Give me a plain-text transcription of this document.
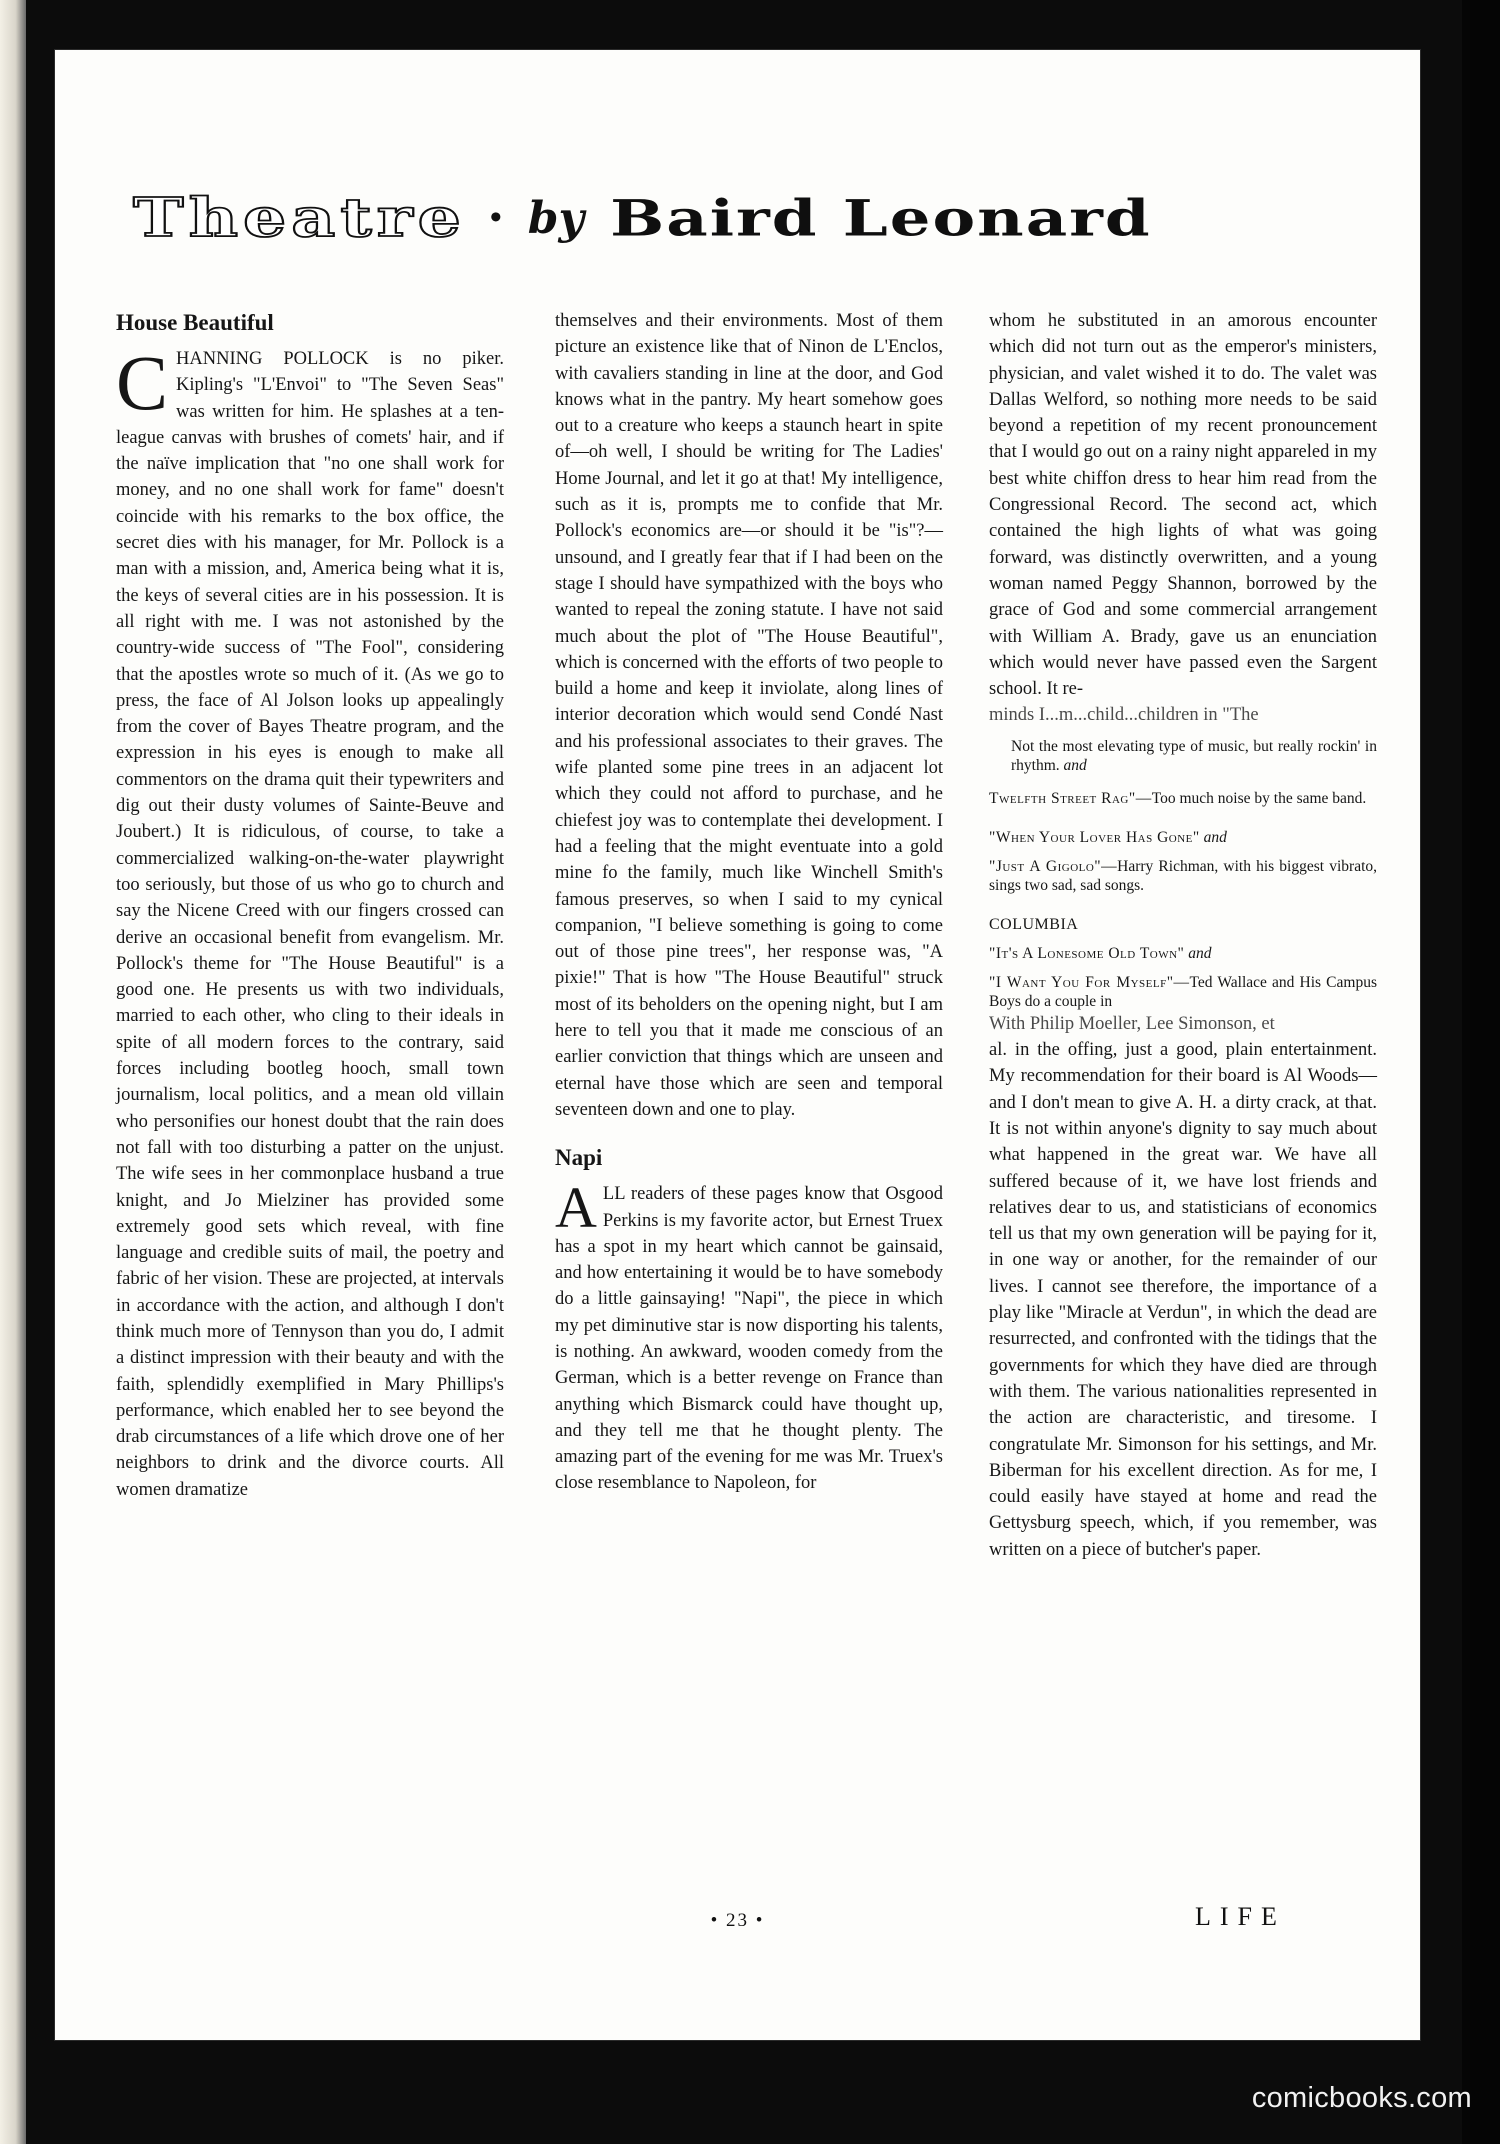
Theatre • by Baird Leonard
House Beautiful

CHANNING POLLOCK is no piker. Kipling's "L'Envoi" to "The Seven Seas" was written for him. He splashes at a ten-league canvas with brushes of comets' hair, and if the naïve implication that "no one shall work for money, and no one shall work for fame" doesn't coincide with his remarks to the box office, the secret dies with his manager, for Mr. Pollock is a man with a mission, and, America being what it is, the keys of several cities are in his possession. It is all right with me. I was not astonished by the country-wide success of "The Fool", considering that the apostles wrote so much of it. (As we go to press, the face of Al Jolson looks up appealingly from the cover of Bayes Theatre program, and the expression in his eyes is enough to make all commentors on the drama quit their typewriters and dig out their dusty volumes of Sainte-Beuve and Joubert.) It is ridiculous, of course, to take a commercialized walking-on-the-water playwright too seriously, but those of us who go to church and say the Nicene Creed with our fingers crossed can derive an occasional benefit from evangelism. Mr. Pollock's theme for "The House Beautiful" is a good one. He presents us with two individuals, married to each other, who cling to their ideals in spite of all modern forces to the contrary, said forces including bootleg hooch, small town journalism, local politics, and a mean old villain who personifies our honest doubt that the rain does not fall with too disturbing a patter on the unjust. The wife sees in her commonplace husband a true knight, and Jo Mielziner has provided some extremely good sets which reveal, with fine language and credible suits of mail, the poetry and fabric of her vision. These are projected, at intervals in accordance with the action, and although I don't think much more of Tennyson than you do, I admit a distinct impression with their beauty and with the faith, splendidly exemplified in Mary Phillips's performance, which enabled her to see beyond the drab circumstances of a life which drove one of her neighbors to drink and the divorce courts. All women dramatize

themselves and their environments. Most of them picture an existence like that of Ninon de L'Enclos, with cavaliers standing in line at the door, and God knows what in the pantry. My heart somehow goes out to a creature who keeps a staunch heart in spite of—oh well, I should be writing for The Ladies' Home Journal, and let it go at that! My intelligence, such as it is, prompts me to confide that Mr. Pollock's economics are—or should it be "is"?—unsound, and I greatly fear that if I had been on the stage I should have sympathized with the boys who wanted to repeal the zoning statute. I have not said much about the plot of "The House Beautiful", which is concerned with the efforts of two people to build a home and keep it inviolate, along lines of interior decoration which would send Condé Nast and his professional associates to their graves. The wife planted some pine trees in an adjacent lot which they could not afford to purchase, and he chiefest joy was to contemplate thei development. I had a feeling that the might eventuate into a gold mine fo the family, much like Winchell Smith's famous preserves, so when I said to my cynical companion, "I believe something is going to come out of those pine trees", her response was, "A pixie!" That is how "The House Beautiful" struck most of its beholders on the opening night, but I am here to tell you that it made me conscious of an earlier conviction that things which are unseen and eternal have those which are seen and temporal seventeen down and one to play.

Napi

ALL readers of these pages know that Osgood Perkins is my favorite actor, but Ernest Truex has a spot in my heart which cannot be gainsaid, and how entertaining it would be to have somebody do a little gainsaying! "Napi", the piece in which my pet diminutive star is now disporting his talents, is nothing. An awkward, wooden comedy from the German, which is a better revenge on France than anything which Bismarck could have thought up, and they tell me that he thought plenty. The amazing part of the evening for me was Mr. Truex's close resemblance to Napoleon, for

whom he substituted in an amorous encounter which did not turn out as the emperor's ministers, physician, and valet wished it to do. The valet was Dallas Welford, so nothing more needs to be said beyond a repetition of my recent pronouncement that I would go out on a rainy night appareled in my best white chiffon dress to hear him read from the Congressional Record. The second act, which contained the high lights of what was going forward, was distinctly overwritten, and a young woman named Peggy Shannon, borrowed by the grace of God and some commercial arrangement with William A. Brady, gave us an enunciation which would never have passed even the Sargent school. It re-

minds I...m...child...children in "The

Not the most elevating type of music, but really rockin' in rhythm. and
Twelfth Street Rag"—Too much noise by the same band.
"When Your Lover Has Gone" and
"Just A Gigolo"—Harry Richman, with his biggest vibrato, sings two sad, sad songs.
COLUMBIA
"It's A Lonesome Old Town" and
"I Want You For Myself"—Ted Wallace and His Campus Boys do a couple in

With Philip Moeller, Lee Simonson, et

al. in the offing, just a good, plain entertainment. My recommendation for their board is Al Woods—and I don't mean to give A. H. a dirty crack, at that. It is not within anyone's dignity to say much about what happened in the great war. We have all suffered because of it, we have lost friends and relatives dear to us, and statisticians of economics tell us that my own generation will be paying for it, in one way or another, for the remainder of our lives. I cannot see therefore, the importance of a play like "Miracle at Verdun", in which the dead are resurrected, and confronted with the tidings that the governments for which they have died are through with them. The various nationalities represented in the action are characteristic, and tiresome. I congratulate Mr. Simonson for his settings, and Mr. Biberman for his excellent direction. As for me, I could easily have stayed at home and read the Gettysburg speech, which, if you remember, was written on a piece of butcher's paper.

• 23 •	LIFE
comicbooks.com
